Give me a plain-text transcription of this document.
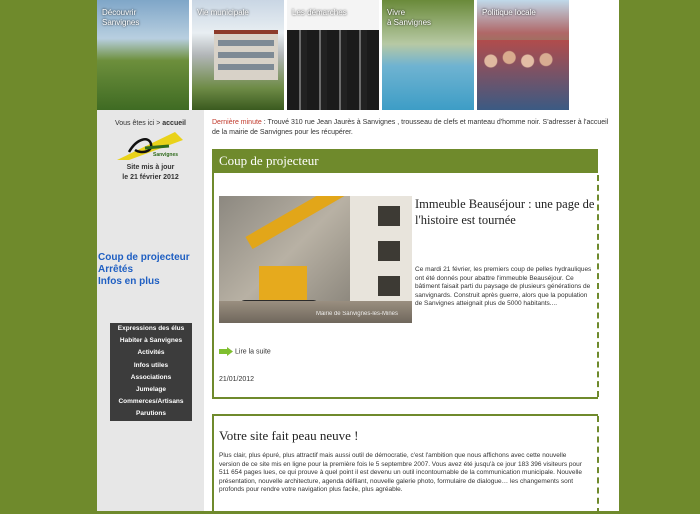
Découvrir
Sanvignes
Vie municipale	Les démarches	Vivre
à Sanvignes
Politique locale
Vous êtes ici > accueil
Sanvignes
Site mis à jour
le 21 février 2012
Coup de projecteur
Arrêtés
Infos en plus
Expressions des élus
Habiter à Sanvignes
Activités
Infos utiles
Associations
Jumelage
Commerces/Artisans
Parutions
Dernière minute : Trouvé 310 rue Jean Jaurès à Sanvignes , trousseau de clefs et manteau d'homme noir. S'adresser à l'accueil de la mairie de Sanvignes pour les récupérer.
Coup de projecteur
Mairie de Sanvignes-les-Mines
Immeuble Beauséjour : une page de l'histoire est tournée
Ce mardi 21 février, les premiers coup de pelles hydrauliques ont été donnés pour abattre l'immeuble Beauséjour. Ce bâtiment faisait parti du paysage de plusieurs générations de sanvignards. Construit après guerre, alors que la population de Sanvignes atteignait plus de 5000 habitants....
Lire la suite
21/01/2012
Votre site fait peau neuve !
Plus clair, plus épuré, plus attractif mais aussi outil de démocratie, c'est l'ambition que nous affichons avec cette nouvelle version de ce site mis en ligne pour la première fois le 5 septembre 2007. Vous avez été jusqu'à ce jour 183 396 visiteurs pour 511 654 pages lues, ce qui prouve à quel point il est devenu un outil incontournable de la communication municipale. Nouvelle présentation, nouvelle architecture, agenda défilant, nouvelle galerie photo, formulaire de dialogue… les changements sont profonds pour rendre votre navigation plus facile, plus agréable.
